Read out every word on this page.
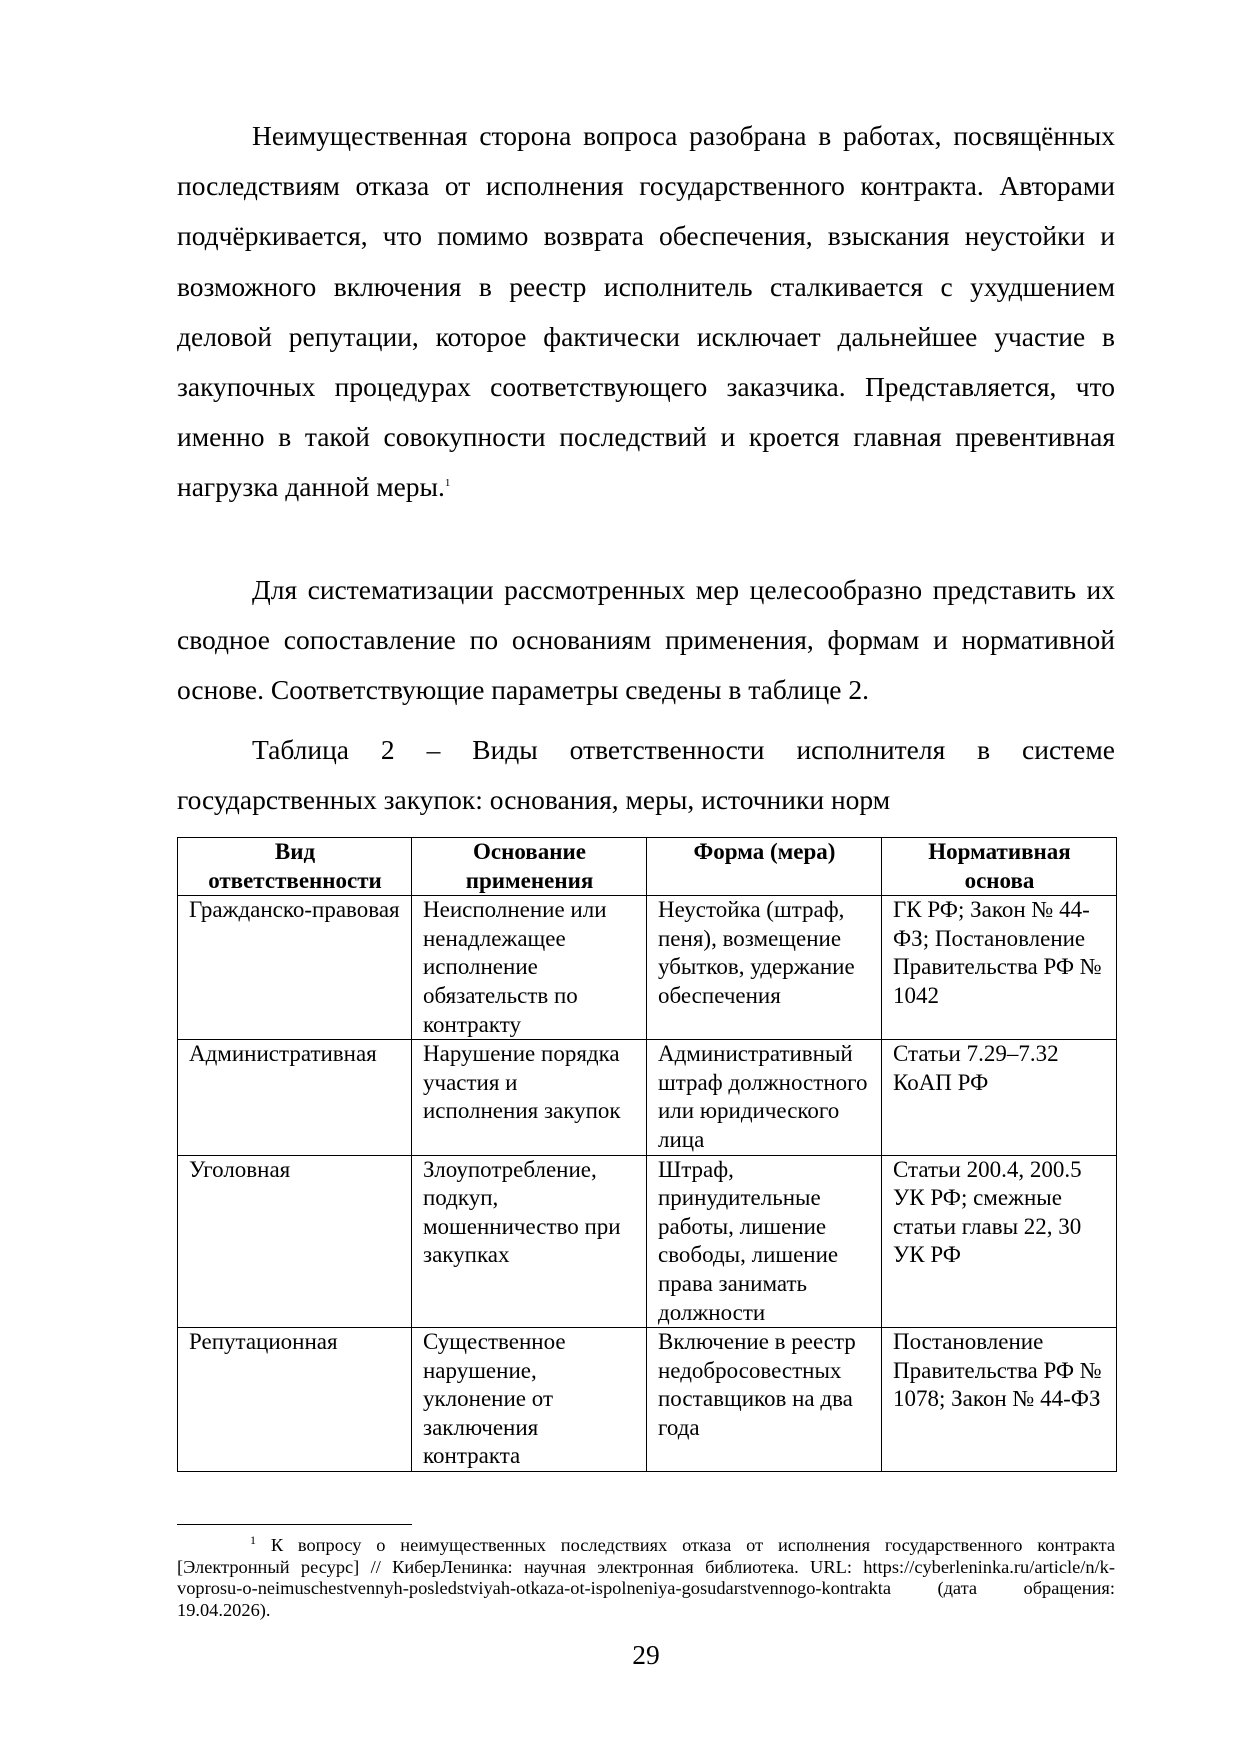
Неимущественная сторона вопроса разобрана в работах, посвящённых последствиям отказа от исполнения государственного контракта. Авторами подчёркивается, что помимо возврата обеспечения, взыскания неустойки и возможного включения в реестр исполнитель сталкивается с ухудшением деловой репутации, которое фактически исключает дальнейшее участие в закупочных процедурах соответствующего заказчика. Представляется, что именно в такой совокупности последствий и кроется главная превентивная нагрузка данной меры.$^1$

Для систематизации рассмотренных мер целесообразно представить их сводное сопоставление по основаниям применения, формам и нормативной основе. Соответствующие параметры сведены в таблице 2.

Таблица 2 – Виды ответственности исполнителя в системе государственных закупок: основания, меры, источники норм

Вид ответственности	Основание применения	Форма (мера)	Нормативная основа
Гражданско-правовая	Неисполнение или ненадлежащее исполнение обязательств по контракту	Неустойка (штраф, пеня), возмещение убытков, удержание обеспечения	ГК РФ; Закон № 44-ФЗ; Постановление Правительства РФ № 1042
Административная	Нарушение порядка участия и исполнения закупок	Административный штраф должностного или юридического лица	Статьи 7.29–7.32 КоАП РФ
Уголовная	Злоупотребление, подкуп, мошенничество при закупках	Штраф, принудительные работы, лишение свободы, лишение права занимать должности	Статьи 200.4, 200.5 УК РФ; смежные статьи главы 22, 30 УК РФ
Репутационная	Существенное нарушение, уклонение от заключения контракта	Включение в реестр недобросовестных поставщиков на два года	Постановление Правительства РФ № 1078; Закон № 44-ФЗ

$^1$ К вопросу о неимущественных последствиях отказа от исполнения государственного контракта [Электронный ресурс] // КиберЛенинка: научная электронная библиотека. URL: https://cyberleninka.ru/article/n/k-voprosu-o-neimuschestvennyh-posledstviyah-otkaza-ot-ispolneniya-gosudarstvennogo-kontrakta (дата обращения: 19.04.2026).

29
